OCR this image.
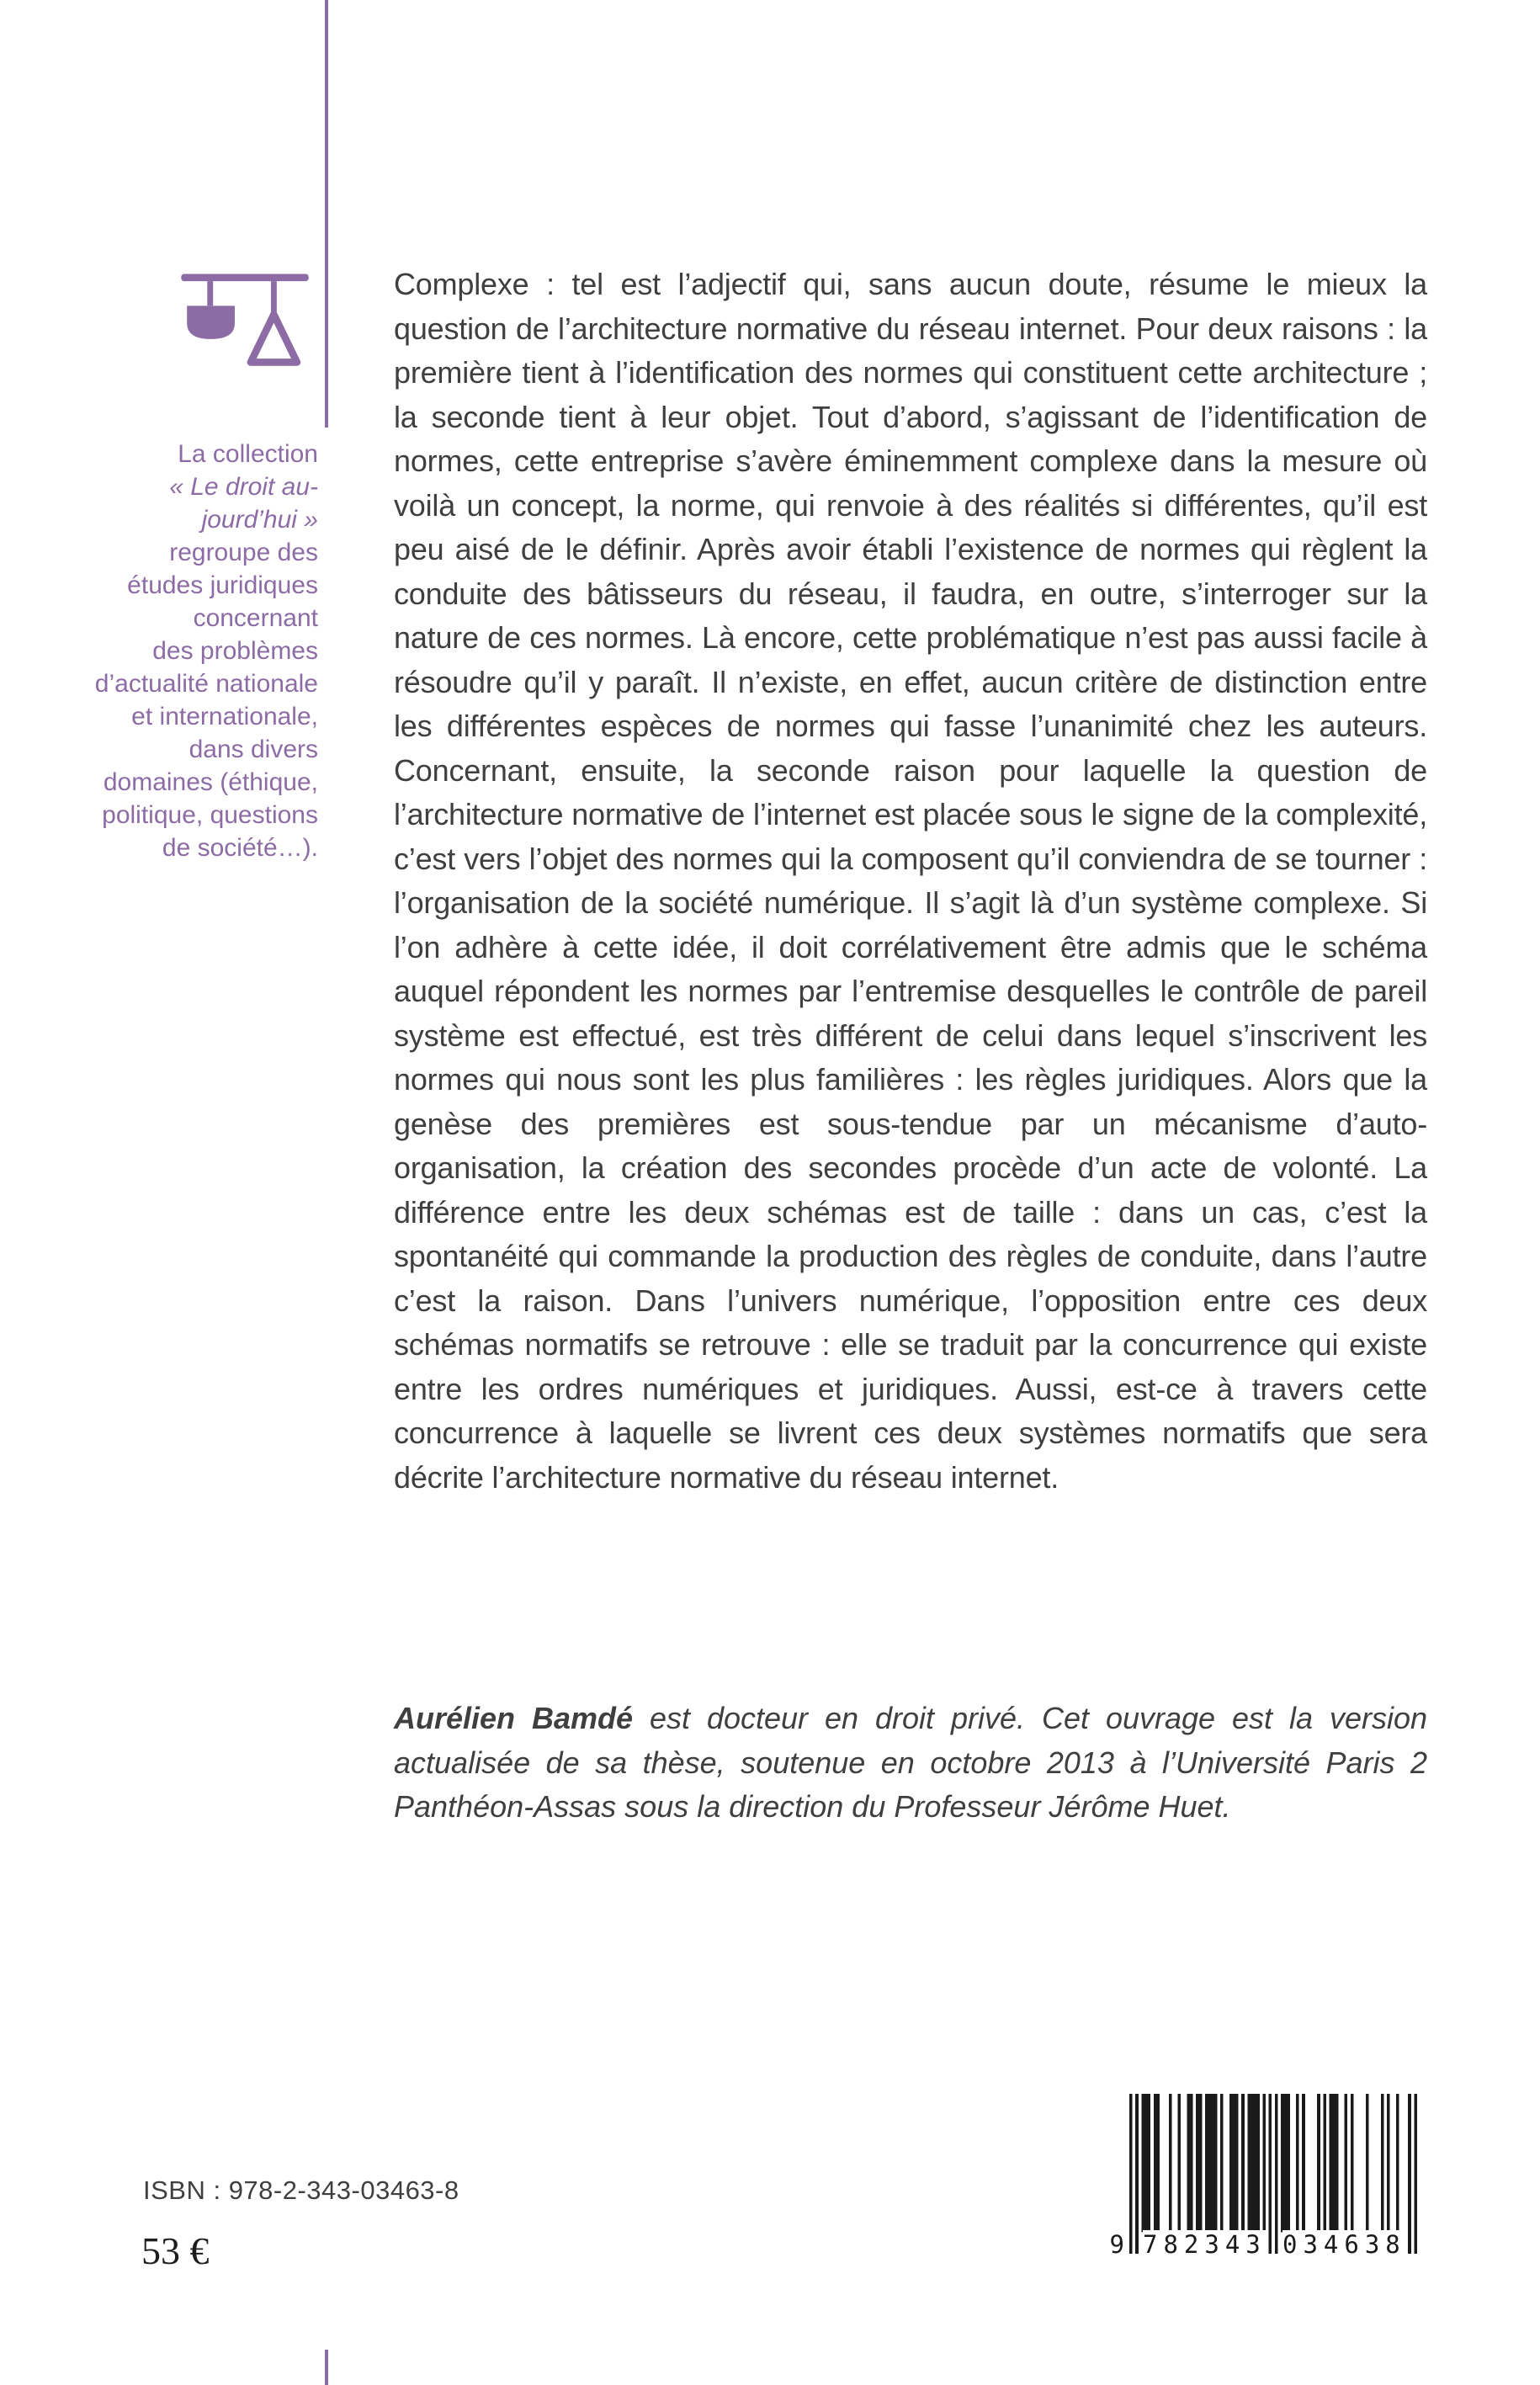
La collection
« Le droit au-
jourd’hui »
regroupe des
études juridiques
concernant
des problèmes
d’actualité nationale
et internationale,
dans divers
domaines (éthique,
politique, questions
de société…).
Complexe : tel est l’adjectif qui, sans aucun doute, résume le mieux la question de l’architecture normative du réseau internet. Pour deux raisons : la première tient à l’identification des normes qui constituent cette architecture ; la seconde tient à leur objet. Tout d’abord, s’agissant de l’identification de normes, cette entreprise s’avère éminemment complexe dans la mesure où voilà un concept, la norme, qui renvoie à des réalités si différentes, qu’il est peu aisé de le définir. Après avoir établi l’existence de normes qui règlent la conduite des bâtisseurs du réseau, il faudra, en outre, s’interroger sur la nature de ces normes. Là encore, cette problématique n’est pas aussi facile à résoudre qu’il y paraît. Il n’existe, en effet, aucun critère de distinction entre les différentes espèces de normes qui fasse l’unanimité chez les auteurs. Concernant, ensuite, la seconde raison pour laquelle la question de l’architecture normative de l’internet est placée sous le signe de la complexité, c’est vers l’objet des normes qui la composent qu’il conviendra de se tourner : l’organisation de la société numérique. Il s’agit là d’un système complexe. Si l’on adhère à cette idée, il doit corrélativement être admis que le schéma auquel répondent les normes par l’entremise desquelles le contrôle de pareil système est effectué, est très différent de celui dans lequel s’inscrivent les normes qui nous sont les plus familières : les règles juridiques. Alors que la genèse des premières est sous-tendue par un mécanisme d’auto-organisation, la création des secondes procède d’un acte de volonté. La différence entre les deux schémas est de taille : dans un cas, c’est la spontanéité qui commande la production des règles de conduite, dans l’autre c’est la raison. Dans l’univers numérique, l’opposition entre ces deux schémas normatifs se retrouve : elle se traduit par la concurrence qui existe entre les ordres numériques et juridiques. Aussi, est-ce à travers cette concurrence à laquelle se livrent ces deux systèmes normatifs que sera décrite l’architecture normative du réseau internet.

Aurélien Bamdé est docteur en droit privé. Cet ouvrage est la version actualisée de sa thèse, soutenue en octobre 2013 à l’Université Paris 2 Panthéon-Assas sous la direction du Professeur Jérôme Huet.

ISBN : 978-2-343-03463-8
53 €	9 782343 034638
